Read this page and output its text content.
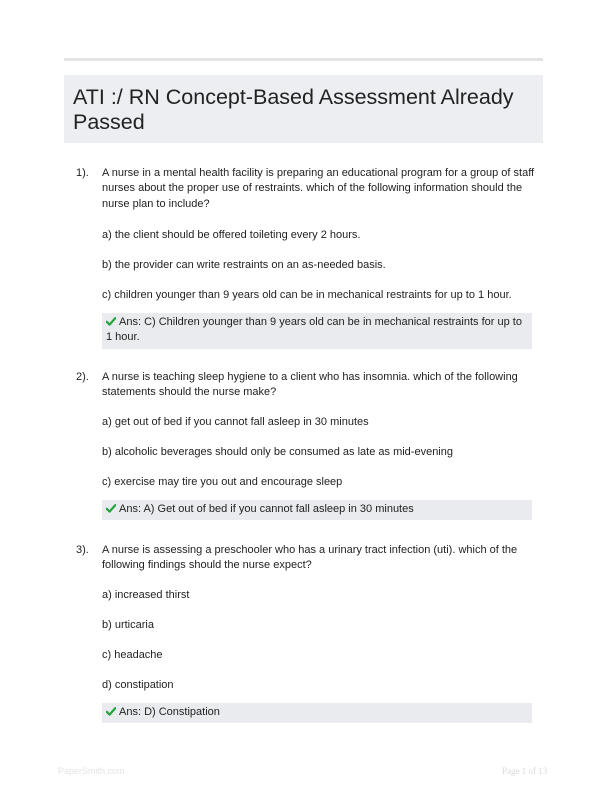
ATI :/ RN Concept-Based Assessment Already Passed
1). A nurse in a mental health facility is preparing an educational program for a group of staff nurses about the proper use of restraints. which of the following information should the nurse plan to include?
a) the client should be offered toileting every 2 hours.
b) the provider can write restraints on an as-needed basis.
c) children younger than 9 years old can be in mechanical restraints for up to 1 hour.
Ans: C) Children younger than 9 years old can be in mechanical restraints for up to 1 hour.
2). A nurse is teaching sleep hygiene to a client who has insomnia. which of the following statements should the nurse make?
a) get out of bed if you cannot fall asleep in 30 minutes
b) alcoholic beverages should only be consumed as late as mid-evening
c) exercise may tire you out and encourage sleep
Ans: A) Get out of bed if you cannot fall asleep in 30 minutes
3). A nurse is assessing a preschooler who has a urinary tract infection (uti). which of the following findings should the nurse expect?
a) increased thirst
b) urticaria
c) headache
d) constipation
Ans: D) Constipation
PaperSmith.com	Page 1 of 13
